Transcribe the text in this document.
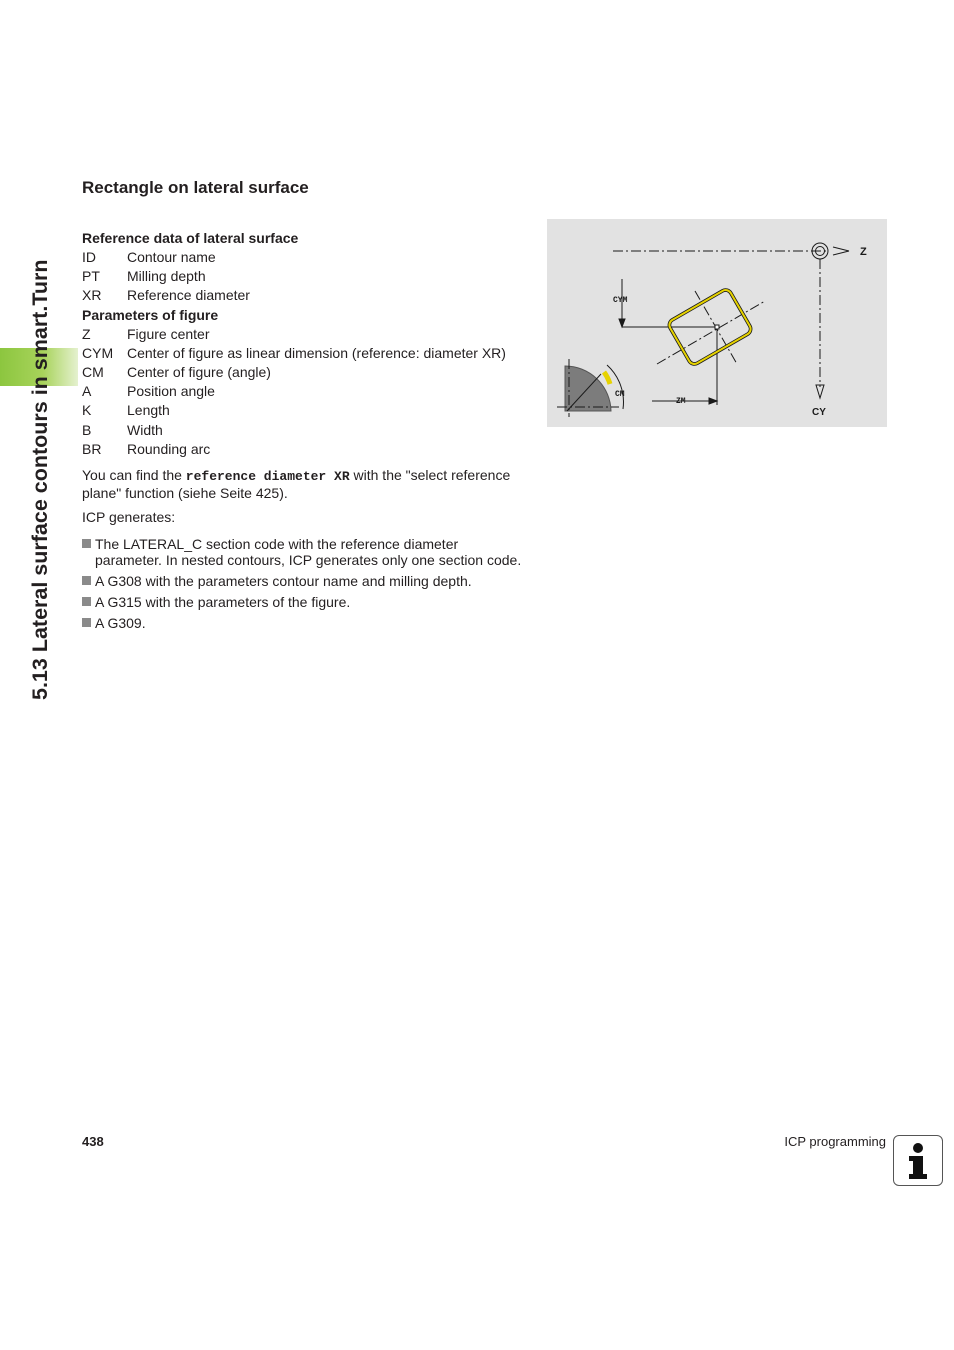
5.13 Lateral surface contours in smart.Turn
Rectangle on lateral surface
Reference data of lateral surface
ID	Contour name
PT	Milling depth
XR	Reference diameter
Parameters of figure
Z	Figure center
CYM Center of figure as linear dimension (reference: diameter XR)
CM	Center of figure (angle)
A	Position angle
K	Length
B	Width
BR	Rounding arc

You can find the reference diameter XR with the "select reference plane" function (siehe Seite 425).

ICP generates:

The LATERAL_C section code with the reference diameter parameter. In nested contours, ICP generates only one section code.
A G308 with the parameters contour name and milling depth.
A G315 with the parameters of the figure.
A G309.
Z
CY
CYM
CM
ZM
438	ICP programming
